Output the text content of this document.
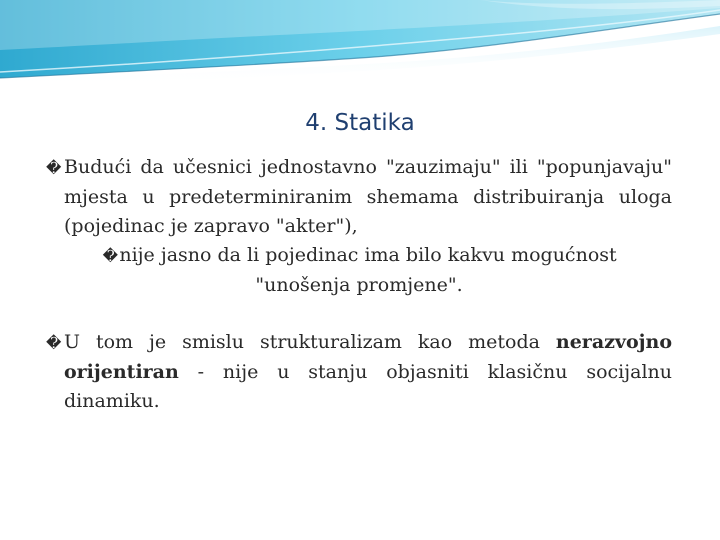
4. Statika

� Budući da učesnici jednostavno "zauzimaju" ili "popunjavaju" mjesta u predeterminiranim shemama distribuiranja uloga (pojedinac je zapravo "akter"),

�nije jasno da li pojedinac ima bilo kakvu mogućnost "unošenja promjene".

� U tom je smislu strukturalizam kao metoda nerazvojno orijentiran - nije u stanju objasniti klasičnu socijalnu dinamiku.
